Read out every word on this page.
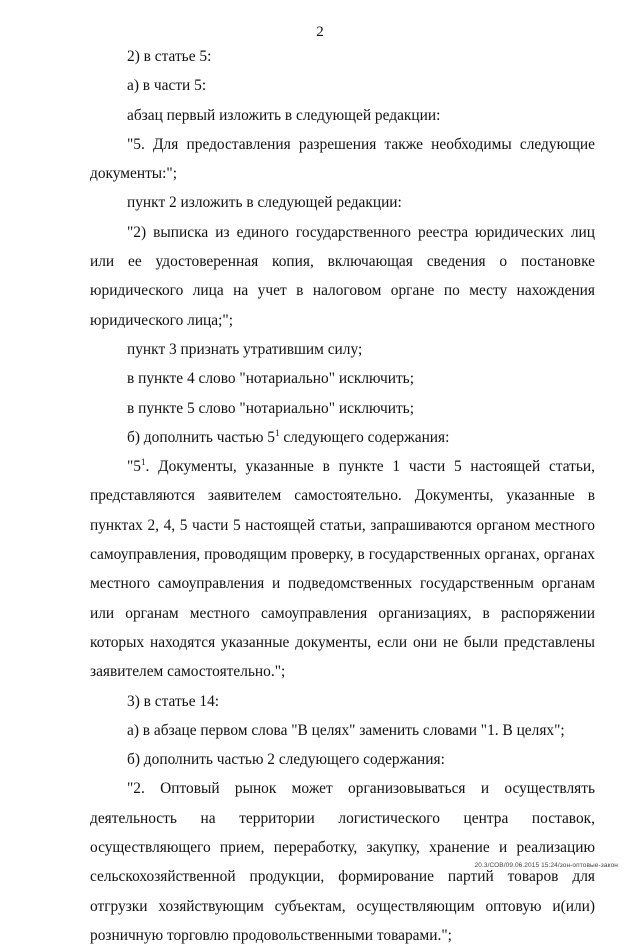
2

2) в статье 5:

а) в части 5:

абзац первый изложить в следующей редакции:

"5. Для предоставления разрешения также необходимы следующие документы:";

пункт 2 изложить в следующей редакции:

"2) выписка из единого государственного реестра юридических лиц или ее удостоверенная копия, включающая сведения о постановке юридического лица на учет в налоговом органе по месту нахождения юридического лица;";

пункт 3 признать утратившим силу;

в пункте 4 слово "нотариально" исключить;

в пункте 5 слово "нотариально" исключить;

б) дополнить частью $5^1$ следующего содержания:

"$5^1$. Документы, указанные в пункте 1 части 5 настоящей статьи, представляются заявителем самостоятельно. Документы, указанные в пунктах 2, 4, 5 части 5 настоящей статьи, запрашиваются органом местного самоуправления, проводящим проверку, в государственных органах, органах местного самоуправления и подведомственных государственным органам или органам местного самоуправления организациях, в распоряжении которых находятся указанные документы, если они не были представлены заявителем самостоятельно.";

3) в статье 14:

а) в абзаце первом слова "В целях" заменить словами "1. В целях";

б) дополнить частью 2 следующего содержания:

"2. Оптовый рынок может организовываться и осуществлять деятельность на территории логистического центра поставок, осуществляющего прием, переработку, закупку, хранение и реализацию сельскохозяйственной продукции, формирование партий товаров для отгрузки хозяйствующим субъектам, осуществляющим оптовую и(или) розничную торговлю продовольственными товарами.";

20.3/СОВ/09.06.2015 15:24/зон-оптовые-закон
